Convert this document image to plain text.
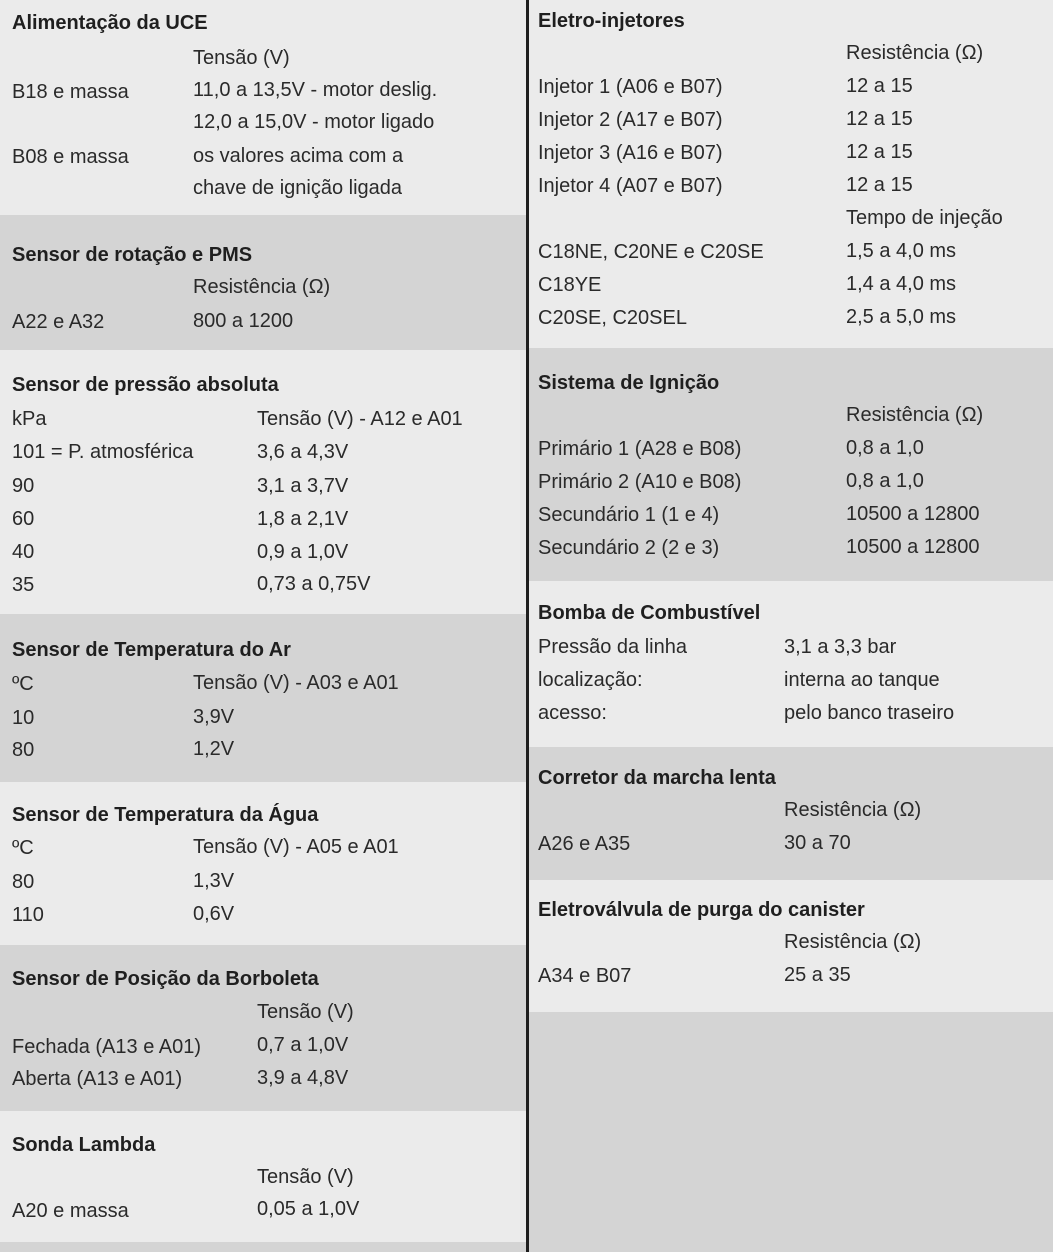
Alimentação da UCE
Tensão (V)
B18 e massa	11,0 a 13,5V - motor deslig.
12,0 a 15,0V - motor ligado
B08 e massa	os valores acima com a
chave de ignição ligada
Sensor de rotação e PMS
Resistência (Ω)
A22 e A32	800 a 1200
Sensor de pressão absoluta
kPa	Tensão (V) - A12 e A01
101 = P. atmosférica	3,6 a 4,3V
90	3,1 a 3,7V
60	1,8 a 2,1V
40	0,9 a 1,0V
35	0,73 a 0,75V
Sensor de Temperatura do Ar
ºC	Tensão (V) - A03 e A01
10	3,9V
80	1,2V
Sensor de Temperatura da Água
ºC	Tensão (V) - A05 e A01
80	1,3V
110	0,6V
Sensor de Posição da Borboleta
Tensão (V)
Fechada (A13 e A01)	0,7 a 1,0V
Aberta (A13 e A01)	3,9 a 4,8V
Sonda Lambda
Tensão (V)
A20 e massa	0,05 a 1,0V
Eletro-injetores
Resistência (Ω)
Injetor 1 (A06 e B07)	12 a 15
Injetor 2 (A17 e B07)	12 a 15
Injetor 3 (A16 e B07)	12 a 15
Injetor 4 (A07 e B07)	12 a 15
Tempo de injeção
C18NE, C20NE e C20SE	1,5 a 4,0 ms
C18YE	1,4 a 4,0 ms
C20SE, C20SEL	2,5 a 5,0 ms
Sistema de Ignição
Resistência (Ω)
Primário 1 (A28 e B08)	0,8 a 1,0
Primário 2 (A10 e B08)	0,8 a 1,0
Secundário 1 (1 e 4)	10500 a 12800
Secundário 2 (2 e 3)	10500 a 12800
Bomba de Combustível
Pressão da linha	3,1 a 3,3 bar
localização:	interna ao tanque
acesso:	pelo banco traseiro
Corretor da marcha lenta
Resistência (Ω)
A26 e A35	30 a 70
Eletroválvula de purga do canister
Resistência (Ω)
A34 e B07	25 a 35
